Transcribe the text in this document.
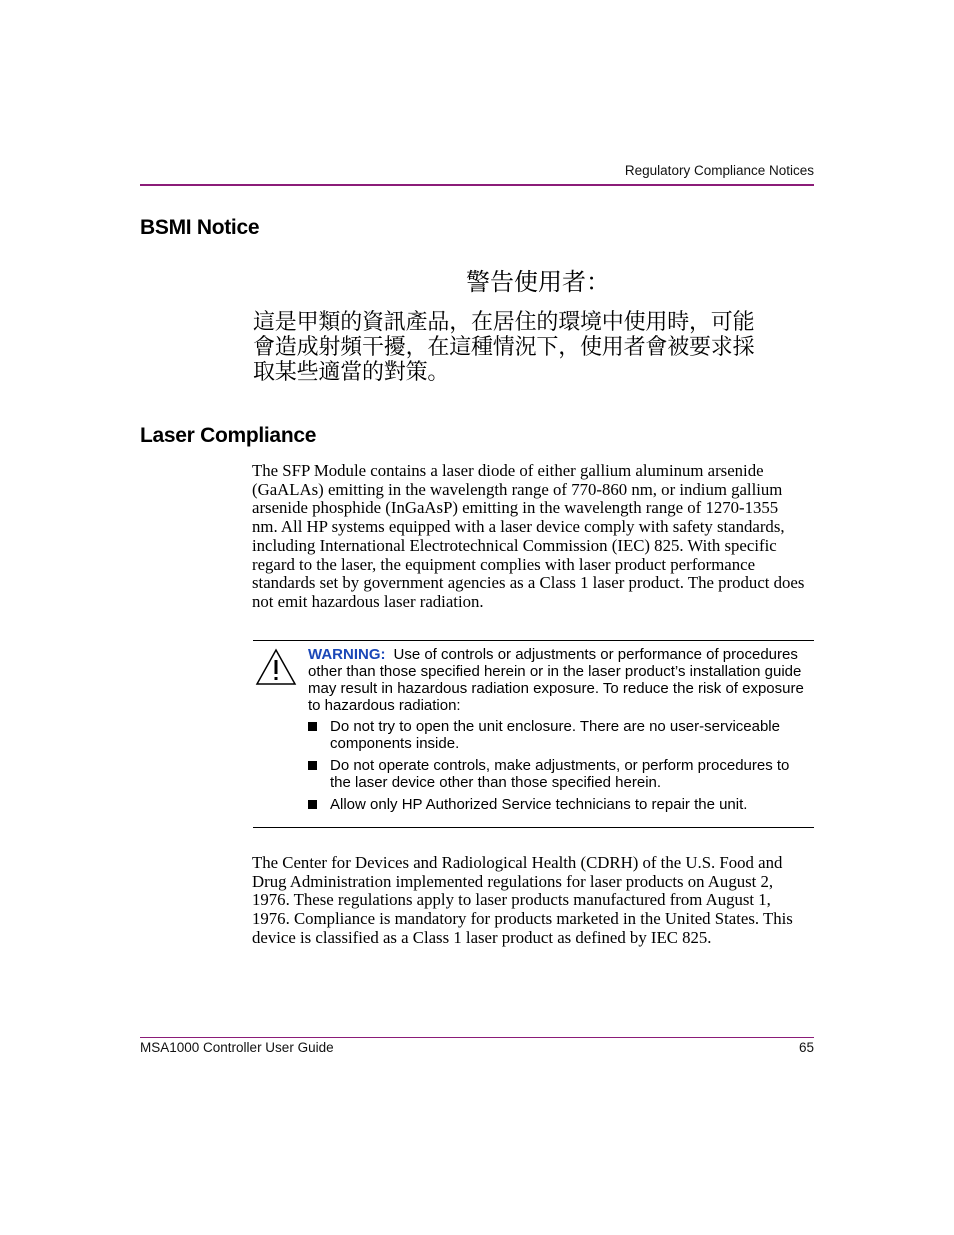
Regulatory Compliance Notices
BSMI Notice
警告使用者：
這是甲類的資訊產品，在居住的環境中使用時，可能
會造成射頻干擾，在這種情況下，使用者會被要求採
取某些適當的對策。
Laser Compliance
The SFP Module contains a laser diode of either gallium aluminum arsenide
(GaALAs) emitting in the wavelength range of 770-860 nm, or indium gallium
arsenide phosphide (InGaAsP) emitting in the wavelength range of 1270-1355
nm. All HP systems equipped with a laser device comply with safety standards,
including International Electrotechnical Commission (IEC) 825. With specific
regard to the laser, the equipment complies with laser product performance
standards set by government agencies as a Class 1 laser product. The product does
not emit hazardous laser radiation.
WARNING: Use of controls or adjustments or performance of procedures other than those specified herein or in the laser product’s installation guide may result in hazardous radiation exposure. To reduce the risk of exposure to hazardous radiation:
Do not try to open the unit enclosure. There are no user-serviceable components inside.
Do not operate controls, make adjustments, or perform procedures to the laser device other than those specified herein.
Allow only HP Authorized Service technicians to repair the unit.
The Center for Devices and Radiological Health (CDRH) of the U.S. Food and
Drug Administration implemented regulations for laser products on August 2,
1976. These regulations apply to laser products manufactured from August 1,
1976. Compliance is mandatory for products marketed in the United States. This
device is classified as a Class 1 laser product as defined by IEC 825.
MSA1000 Controller User Guide	65
